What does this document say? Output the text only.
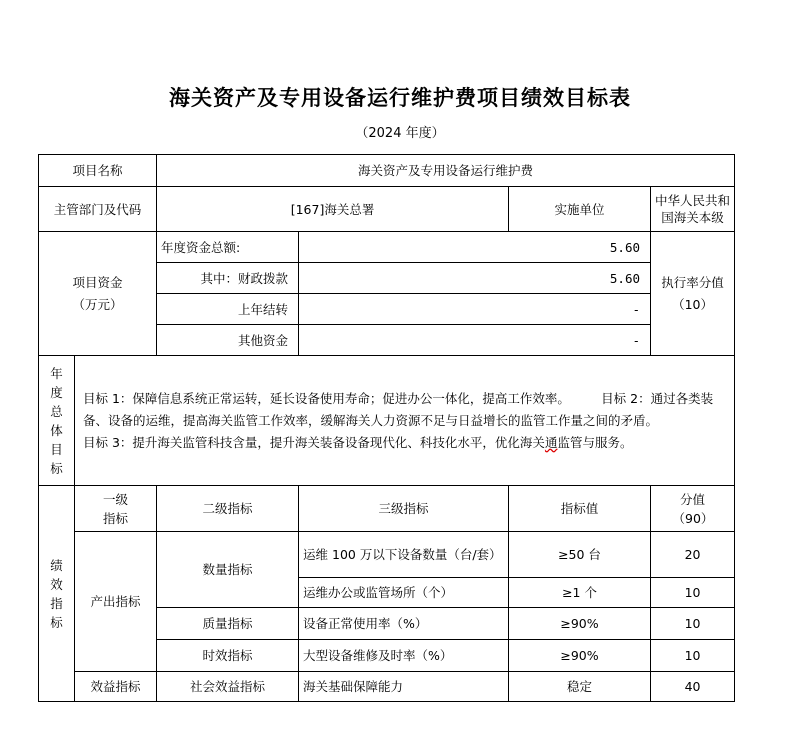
海关资产及专用设备运行维护费项目绩效目标表
（2024 年度）
项目名称		海关资产及专用设备运行维护费			
主管部门及代码		[167]海关总署		实施单位	中华人民共和国海关本级
项目资金（万元）		年度资金总额:	5.60		执行率分值（10）
		其中：财政拨款	5.60		
		上年结转	-		
		其他资金	-		
年度总体目标	目标 1：保障信息系统正常运转，延长设备使用寿命；促进办公一体化，提高工作效率。　　　目标 2：通过各类装备、设备的运维，提高海关监管工作效率，缓解海关人力资源不足与日益增长的监管工作量之间的矛盾。
目标 3：提升海关监管科技含量，提升海关装备设备现代化、科技化水平，优化海关通监管与服务。				

绩效指标	一级指标	二级指标	三级指标	指标值	分值（90）
	产出指标	数量指标	运维 100 万以下设备数量（台/套）	≥50 台	20
			运维办公或监管场所（个）	≥1 个	10
		质量指标	设备正常使用率（%）	≥90%	10
		时效指标	大型设备维修及时率（%）	≥90%	10
	效益指标	社会效益指标	海关基础保障能力	稳定	40
